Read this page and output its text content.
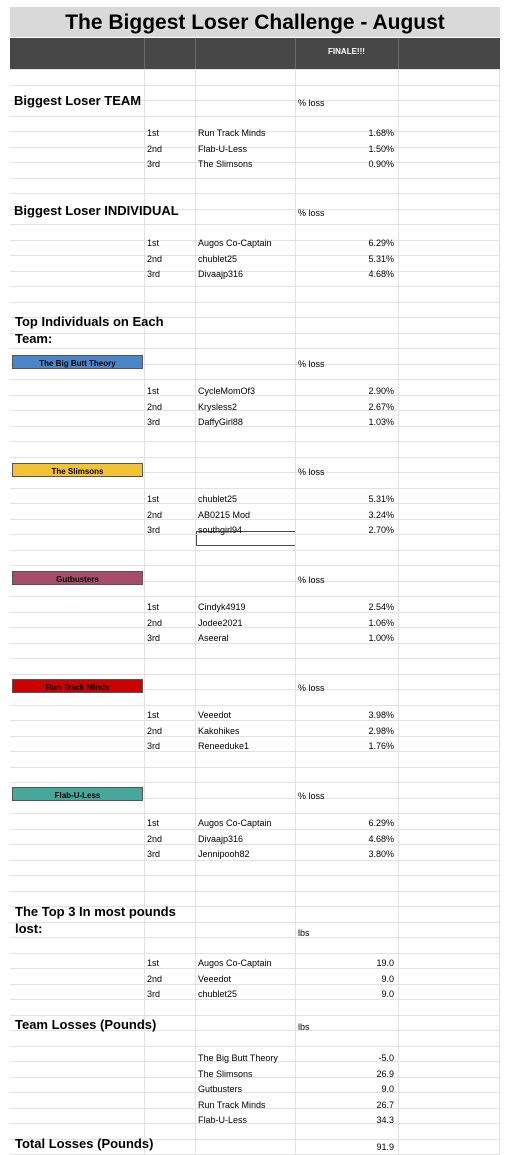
The Biggest Loser Challenge - August
FINALE!!!
Biggest Loser TEAM	% loss
1st	Run Track Minds	1.68%
2nd	Flab-U-Less	1.50%
3rd	The Slimsons	0.90%
Biggest Loser INDIVIDUAL	% loss
1st	Augos Co-Captain	6.29%
2nd	chublet25	5.31%
3rd	Divaajp316	4.68%
Top Individuals on Each Team:
The Big Butt Theory	% loss
1st	CycleMomOf3	2.90%
2nd	Krysless2	2.67%
3rd	DaffyGirl88	1.03%
The Slimsons	% loss
1st	chublet25	5.31%
2nd	AB0215 Mod	3.24%
3rd	southgirl94	2.70%
Gutbusters	% loss
1st	Cindyk4919	2.54%
2nd	Jodee2021	1.06%
3rd	Aseeral	1.00%
Run Track Minds	% loss
1st	Veeedot	3.98%
2nd	Kakohikes	2.98%
3rd	Reneeduke1	1.76%
Flab-U-Less	% loss
1st	Augos Co-Captain	6.29%
2nd	Divaajp316	4.68%
3rd	Jennipooh82	3.80%
The Top 3 In most pounds lost:	lbs
1st	Augos Co-Captain	19.0
2nd	Veeedot	9.0
3rd	chublet25	9.0
Team Losses (Pounds)	lbs
The Big Butt Theory	-5.0
The Slimsons	26.9
Gutbusters	9.0
Run Track Minds	26.7
Flab-U-Less	34.3
Total Losses (Pounds)	91.9
